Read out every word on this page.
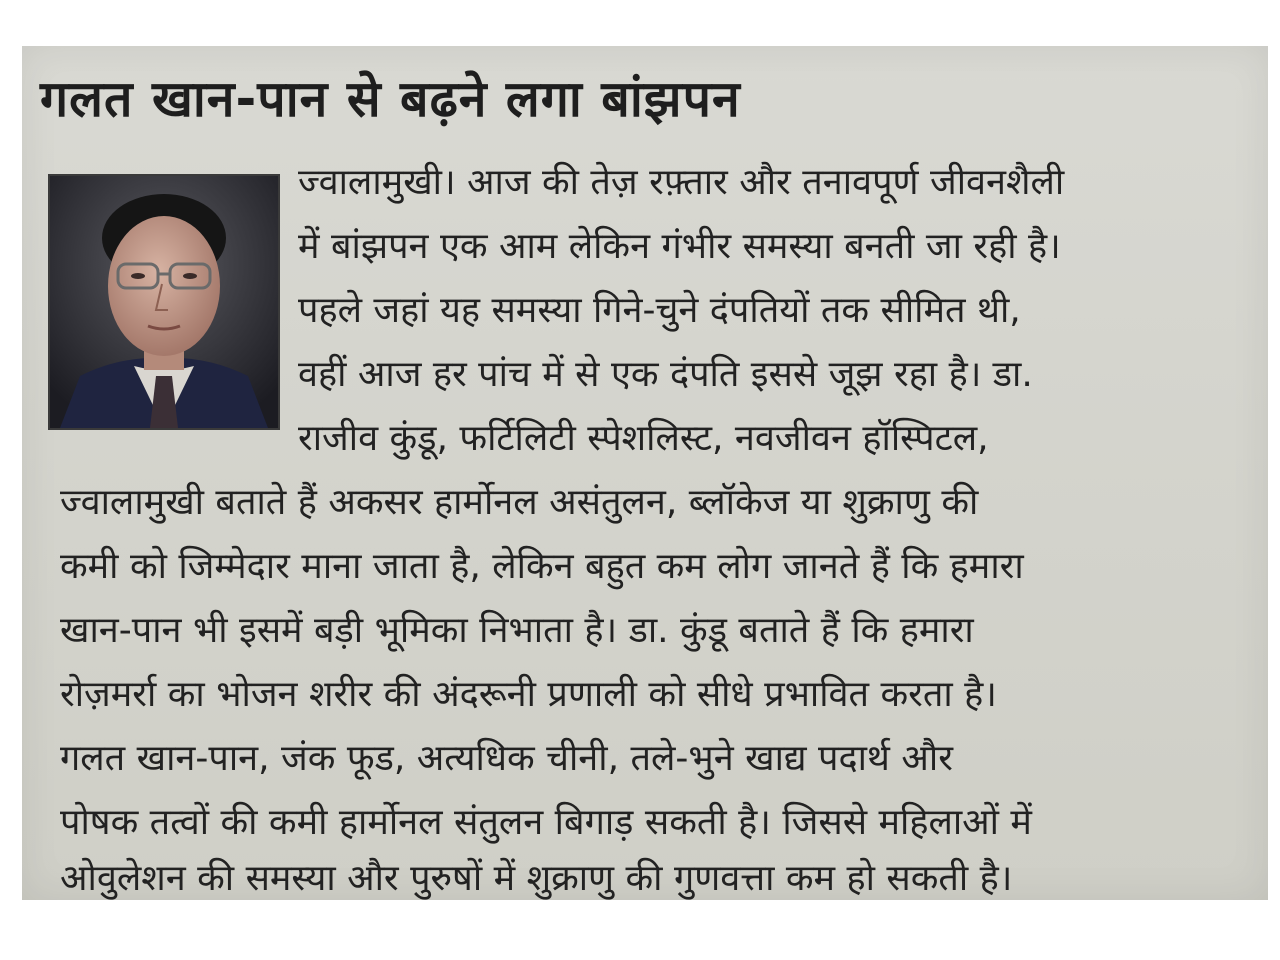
गलत खान-पान से बढ़ने लगा बांझपन

ज्वालामुखी। आज की तेज़ रफ़्तार और तनावपूर्ण जीवनशैली

में बांझपन एक आम लेकिन गंभीर समस्या बनती जा रही है।

पहले जहां यह समस्या गिने-चुने दंपतियों तक सीमित थी,

वहीं आज हर पांच में से एक दंपति इससे जूझ रहा है। डा.

राजीव कुंडू, फर्टिलिटी स्पेशलिस्ट, नवजीवन हॉस्पिटल,

ज्वालामुखी बताते हैं अकसर हार्मोनल असंतुलन, ब्लॉकेज या शुक्राणु की

कमी को जिम्मेदार माना जाता है, लेकिन बहुत कम लोग जानते हैं कि हमारा

खान-पान भी इसमें बड़ी भूमिका निभाता है। डा. कुंडू बताते हैं कि हमारा

रोज़मर्रा का भोजन शरीर की अंदरूनी प्रणाली को सीधे प्रभावित करता है।

गलत खान-पान, जंक फूड, अत्यधिक चीनी, तले-भुने खाद्य पदार्थ और

पोषक तत्वों की कमी हार्मोनल संतुलन बिगाड़ सकती है। जिससे महिलाओं में

ओवुलेशन की समस्या और पुरुषों में शुक्राणु की गुणवत्ता कम हो सकती है।
